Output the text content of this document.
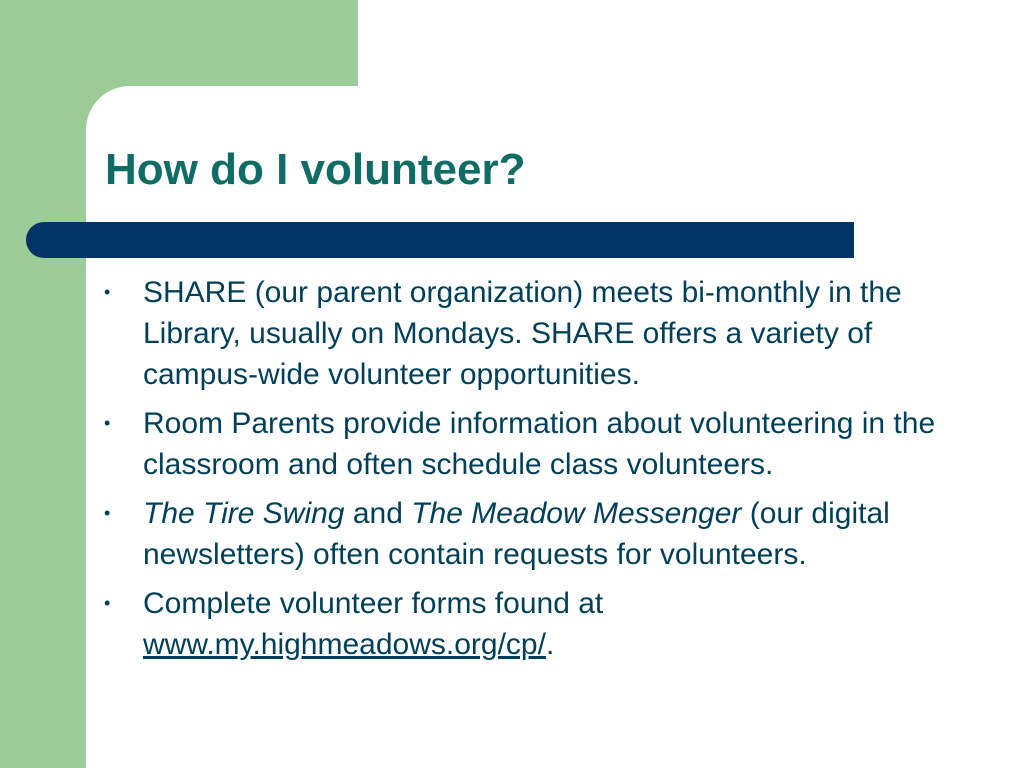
How do I volunteer?
• SHARE (our parent organization) meets bi-monthly in the Library, usually on Mondays. SHARE offers a variety of campus-wide volunteer opportunities.
• Room Parents provide information about volunteering in the classroom and often schedule class volunteers.
• The Tire Swing and The Meadow Messenger (our digital newsletters) often contain requests for volunteers.
• Complete volunteer forms found at www.my.highmeadows.org/cp/.
